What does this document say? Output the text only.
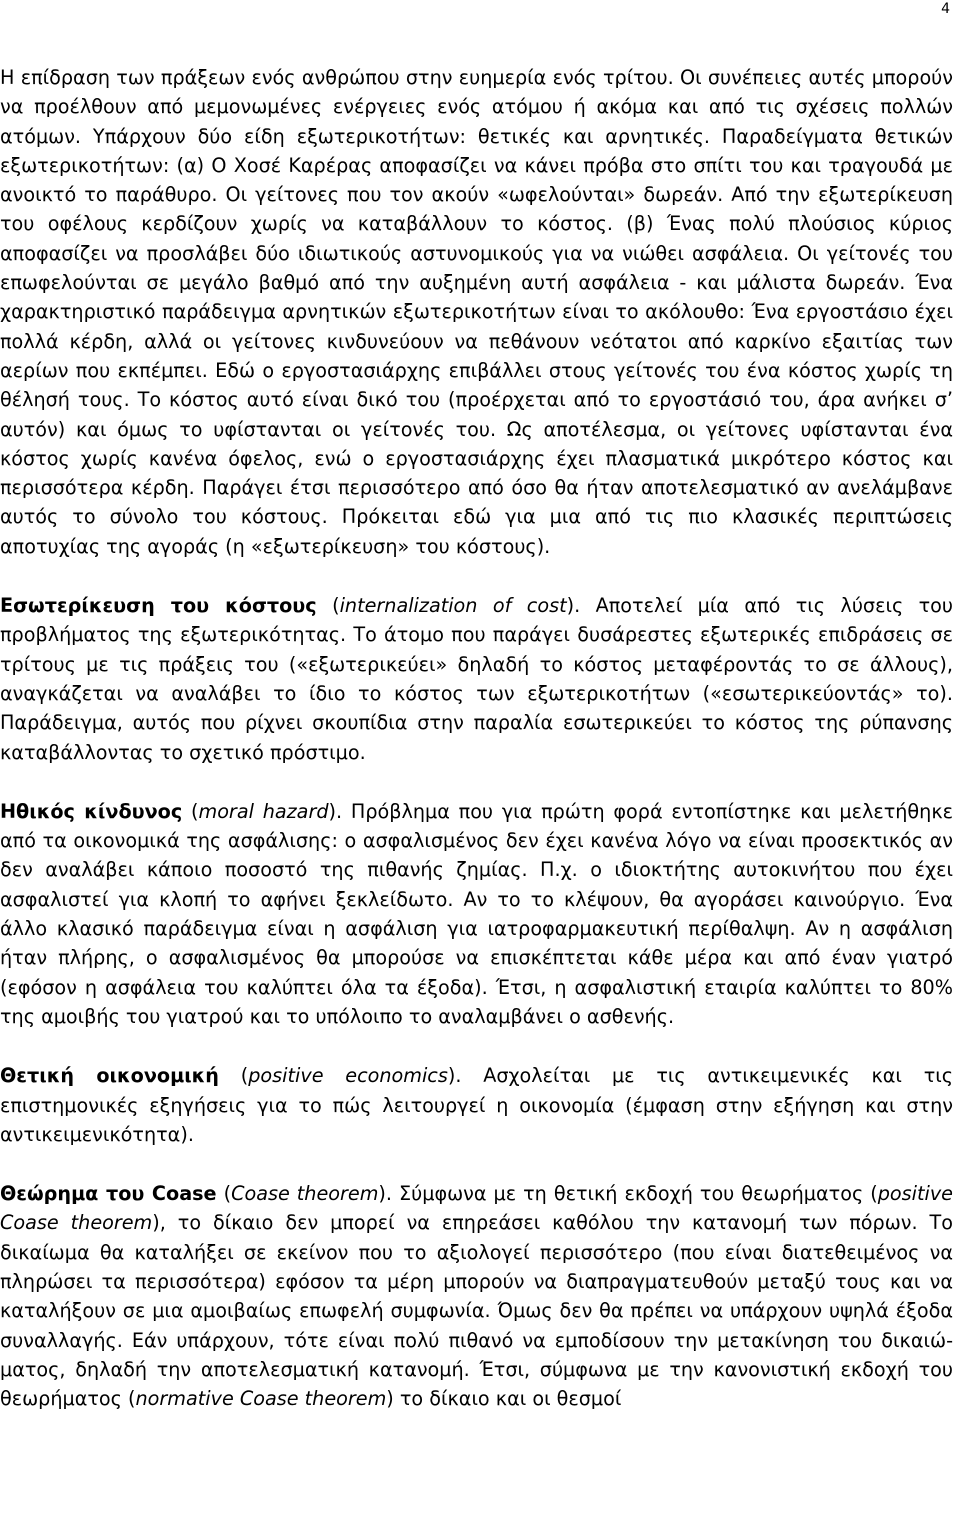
4

Η επίδραση των πράξεων ενός ανθρώπου στην ευημερία ενός τρίτου. Οι συνέπειες αυτές μπορούν να προέλθουν από μεμονωμένες ενέργειες ενός ατόμου ή ακόμα και από τις σχέσεις πολλών ατόμων. Υπάρχουν δύο είδη εξωτερικοτήτων: θετικές και αρνητικές. Παραδείγματα θετικών εξωτερικοτήτων: (α) Ο Χοσέ Καρέρας αποφασίζει να κάνει πρόβα στο σπίτι του και τραγουδά με ανοικτό το παράθυρο. Οι γείτονες που τον ακούν «ωφελούνται» δωρεάν. Από την εξωτερίκευση του οφέλους κερδίζουν χωρίς να καταβάλλουν το κόστος. (β) Ένας πολύ πλούσιος κύριος αποφασίζει να προσλάβει δύο ιδιωτικούς αστυνομικούς για να νιώθει ασφάλεια. Οι γείτονές του επωφελούνται σε μεγάλο βαθμό από την αυξημένη αυτή ασφάλεια - και μάλιστα δωρεάν. Ένα χαρακτηριστικό παράδειγμα αρνητικών εξωτερικοτήτων είναι το ακόλουθο: Ένα εργοστάσιο έχει πολλά κέρδη, αλλά οι γείτονες κινδυνεύουν να πεθάνουν νεότατοι από καρκίνο εξαιτίας των αερίων που εκπέμπει. Εδώ ο εργοστασιάρχης επιβάλλει στους γείτονές του ένα κόστος χωρίς τη θέλησή τους. Το κόστος αυτό είναι δικό του (προέρχεται από το εργοστάσιό του, άρα ανήκει σ’ αυτόν) και όμως το υφίστανται οι γείτονές του. Ως αποτέλεσμα, οι γείτονες υφίστανται ένα κόστος χωρίς κανένα όφελος, ενώ ο εργοστασιάρχης έχει πλασματικά μικρότερο κόστος και περισσότερα κέρδη. Παράγει έτσι περισσότερο από όσο θα ήταν αποτελεσματικό αν ανελάμβανε αυτός το σύνολο του κόστους. Πρόκειται εδώ για μια από τις πιο κλασικές περιπτώσεις αποτυχίας της αγοράς (η «εξωτερίκευση» του κόστους).

Εσωτερίκευση του κόστους (internalization of cost). Αποτελεί μία από τις λύσεις του προβλήματος της εξωτερικότητας. Το άτομο που παράγει δυσάρεστες εξωτερικές επιδράσεις σε τρίτους με τις πράξεις του («εξωτερικεύει» δηλαδή το κόστος μεταφέροντάς το σε άλλους), αναγκάζεται να αναλάβει το ίδιο το κόστος των εξωτερικοτήτων («εσωτερικεύοντάς» το). Παράδειγμα, αυτός που ρίχνει σκουπίδια στην παραλία εσωτερικεύει το κόστος της ρύπανσης καταβάλλοντας το σχετικό πρόστιμο.

Ηθικός κίνδυνος (moral hazard). Πρόβλημα που για πρώτη φορά εντοπίστηκε και μελετήθηκε από τα οικονομικά της ασφάλισης: ο ασφαλισμένος δεν έχει κανένα λόγο να είναι προσεκτικός αν δεν αναλάβει κάποιο ποσοστό της πιθανής ζημίας. Π.χ. ο ιδιοκτήτης αυτοκινήτου που έχει ασφαλιστεί για κλοπή το αφήνει ξεκλείδωτο. Αν το το κλέψουν, θα αγοράσει καινούργιο. Ένα άλλο κλασικό παράδειγμα είναι η ασφάλιση για ιατροφαρμακευτική περίθαλψη. Αν η ασφάλιση ήταν πλήρης, ο ασφαλισμένος θα μπορούσε να επισκέπτεται κάθε μέρα και από έναν γιατρό (εφόσον η ασφάλεια του καλύπτει όλα τα έξοδα). Έτσι, η ασφαλιστική εταιρία καλύπτει το 80% της αμοιβής του γιατρού και το υπόλοιπο το αναλαμβάνει ο ασθενής.

Θετική οικονομική (positive economics). Ασχολείται με τις αντικειμενικές και τις επιστημονικές εξηγήσεις για το πώς λειτουργεί η οικονομία (έμφαση στην εξήγηση και στην αντικειμενικότητα).

Θεώρημα του Coase (Coase theorem). Σύμφωνα με τη θετική εκδοχή του θεωρήματος (positive Coase theorem), το δίκαιο δεν μπορεί να επηρεάσει καθόλου την κατανομή των πόρων. Το δικαίωμα θα καταλήξει σε εκείνον που το αξιολογεί περισσότερο (που είναι διατεθειμένος να πληρώσει τα περισσότερα) εφόσον τα μέρη μπορούν να διαπραγματευθούν μεταξύ τους και να καταλήξουν σε μια αμοιβαίως επωφελή συμφωνία. Όμως δεν θα πρέπει να υπάρχουν υψηλά έξοδα συναλλαγής. Εάν υπάρχουν, τότε είναι πολύ πιθανό να εμποδίσουν την μετακίνηση του δικαιώματος, δηλαδή την αποτελεσματική κατανομή. Έτσι, σύμφωνα με την κανονιστική εκδοχή του θεωρήματος (normative Coase theorem) το δίκαιο και οι θεσμοί
